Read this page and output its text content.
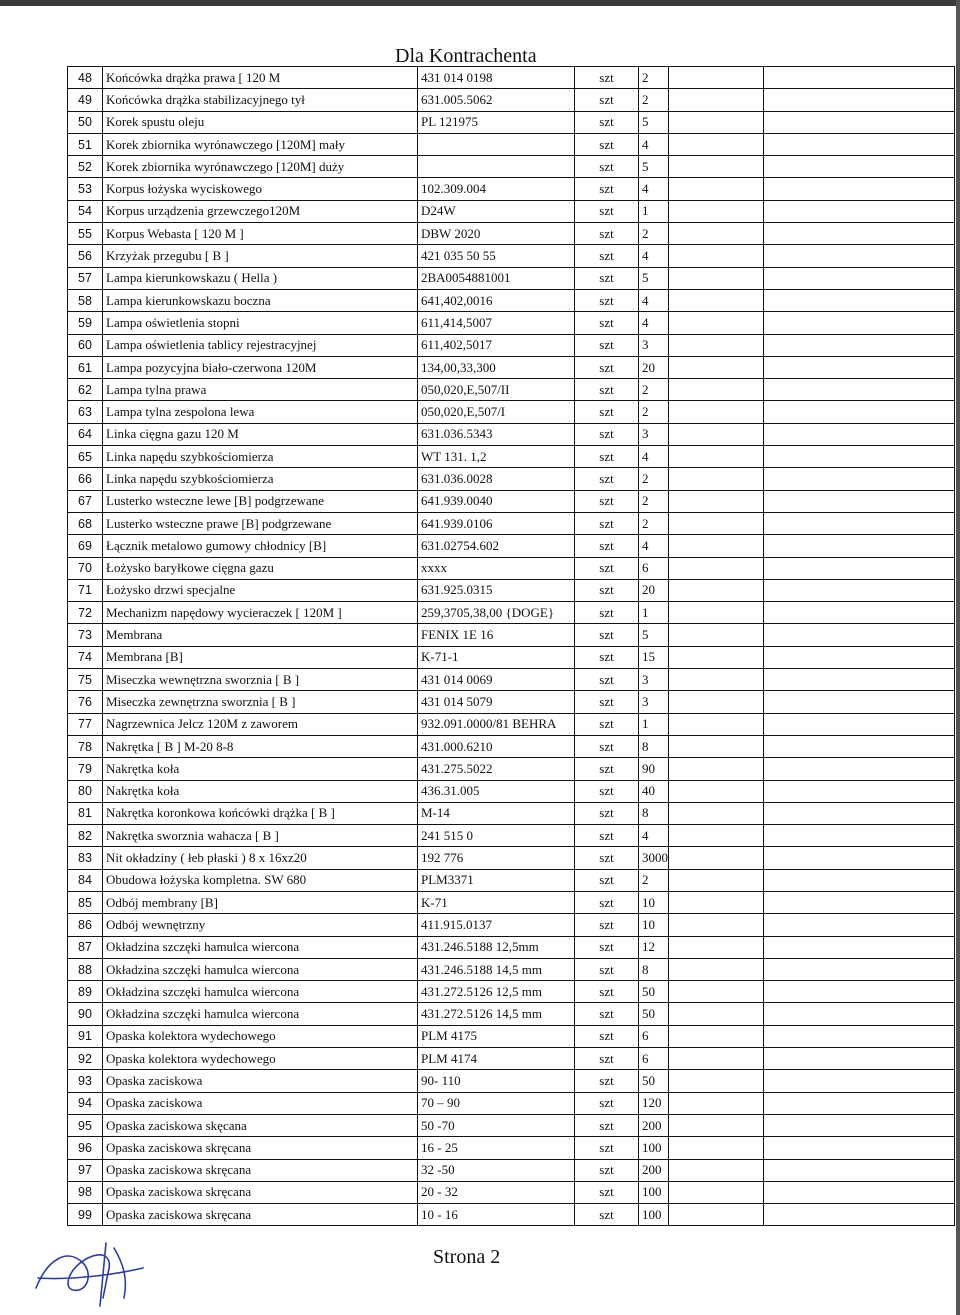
Dla Kontrachenta
48	Końcówka drążka prawa [ 120 M	431 014 0198	szt	2		
49	Końcówka drążka stabilizacyjnego tył	631.005.5062	szt	2		
50	Korek spustu oleju	PL 121975	szt	5		
51	Korek zbiornika wyrónawczego [120M] mały		szt	4		
52	Korek zbiornika wyrónawczego [120M] duży		szt	5		
53	Korpus łożyska wyciskowego	102.309.004	szt	4		
54	Korpus urządzenia grzewczego120M	D24W	szt	1		
55	Korpus Webasta [ 120 M ]	DBW 2020	szt	2		
56	Krzyżak przegubu [ B ]	421 035 50 55	szt	4		
57	Lampa kierunkowskazu ( Hella )	2BA0054881001	szt	5		
58	Lampa kierunkowskazu boczna	641,402,0016	szt	4		
59	Lampa oświetlenia stopni	611,414,5007	szt	4		
60	Lampa oświetlenia tablicy rejestracyjnej	611,402,5017	szt	3		
61	Lampa pozycyjna biało-czerwona 120M	134,00,33,300	szt	20		
62	Lampa tylna prawa	050,020,E,507/II	szt	2		
63	Lampa tylna zespolona lewa	050,020,E,507/I	szt	2		
64	Linka cięgna gazu 120 M	631.036.5343	szt	3		
65	Linka napędu szybkościomierza	WT 131. 1,2	szt	4		
66	Linka napędu szybkościomierza	631.036.0028	szt	2		
67	Lusterko wsteczne lewe [B] podgrzewane	641.939.0040	szt	2		
68	Lusterko wsteczne prawe [B] podgrzewane	641.939.0106	szt	2		
69	Łącznik metalowo gumowy chłodnicy [B]	631.02754.602	szt	4		
70	Łożysko baryłkowe cięgna gazu	xxxx	szt	6		
71	Łożysko drzwi specjalne	631.925.0315	szt	20		
72	Mechanizm napędowy wycieraczek [ 120M ]	259,3705,38,00 {DOGE}	szt	1		
73	Membrana	FENIX 1E 16	szt	5		
74	Membrana [B]	K-71-1	szt	15		
75	Miseczka wewnętrzna sworznia [ B ]	431 014 0069	szt	3		
76	Miseczka zewnętrzna sworznia [ B ]	431 014 5079	szt	3		
77	Nagrzewnica Jelcz 120M z zaworem	932.091.0000/81 BEHRA	szt	1		
78	Nakrętka [ B ] M-20 8-8	431.000.6210	szt	8		
79	Nakrętka koła	431.275.5022	szt	90		
80	Nakrętka koła	436.31.005	szt	40		
81	Nakrętka koronkowa końcówki drążka [ B ]	M-14	szt	8		
82	Nakrętka sworznia wahacza [ B ]	241 515 0	szt	4		
83	Nit okładziny ( łeb płaski ) 8 x 16xz20	192 776	szt	3000		
84	Obudowa łożyska kompletna. SW 680	PLM3371	szt	2		
85	Odbój membrany [B]	K-71	szt	10		
86	Odbój wewnętrzny	411.915.0137	szt	10		
87	Okładzina szczęki hamulca wiercona	431.246.5188 12,5mm	szt	12		
88	Okładzina szczęki hamulca wiercona	431.246.5188 14,5 mm	szt	8		
89	Okładzina szczęki hamulca wiercona	431.272.5126 12,5 mm	szt	50		
90	Okładzina szczęki hamulca wiercona	431.272.5126 14,5 mm	szt	50		
91	Opaska kolektora wydechowego	PLM 4175	szt	6		
92	Opaska kolektora wydechowego	PLM 4174	szt	6		
93	Opaska zaciskowa	90- 110	szt	50		
94	Opaska zaciskowa	70 – 90	szt	120		
95	Opaska zaciskowa skęcana	50 -70	szt	200		
96	Opaska zaciskowa skręcana	16 - 25	szt	100		
97	Opaska zaciskowa skręcana	32 -50	szt	200		
98	Opaska zaciskowa skręcana	20 - 32	szt	100		
99	Opaska zaciskowa skręcana	10 - 16	szt	100		
Strona 2
